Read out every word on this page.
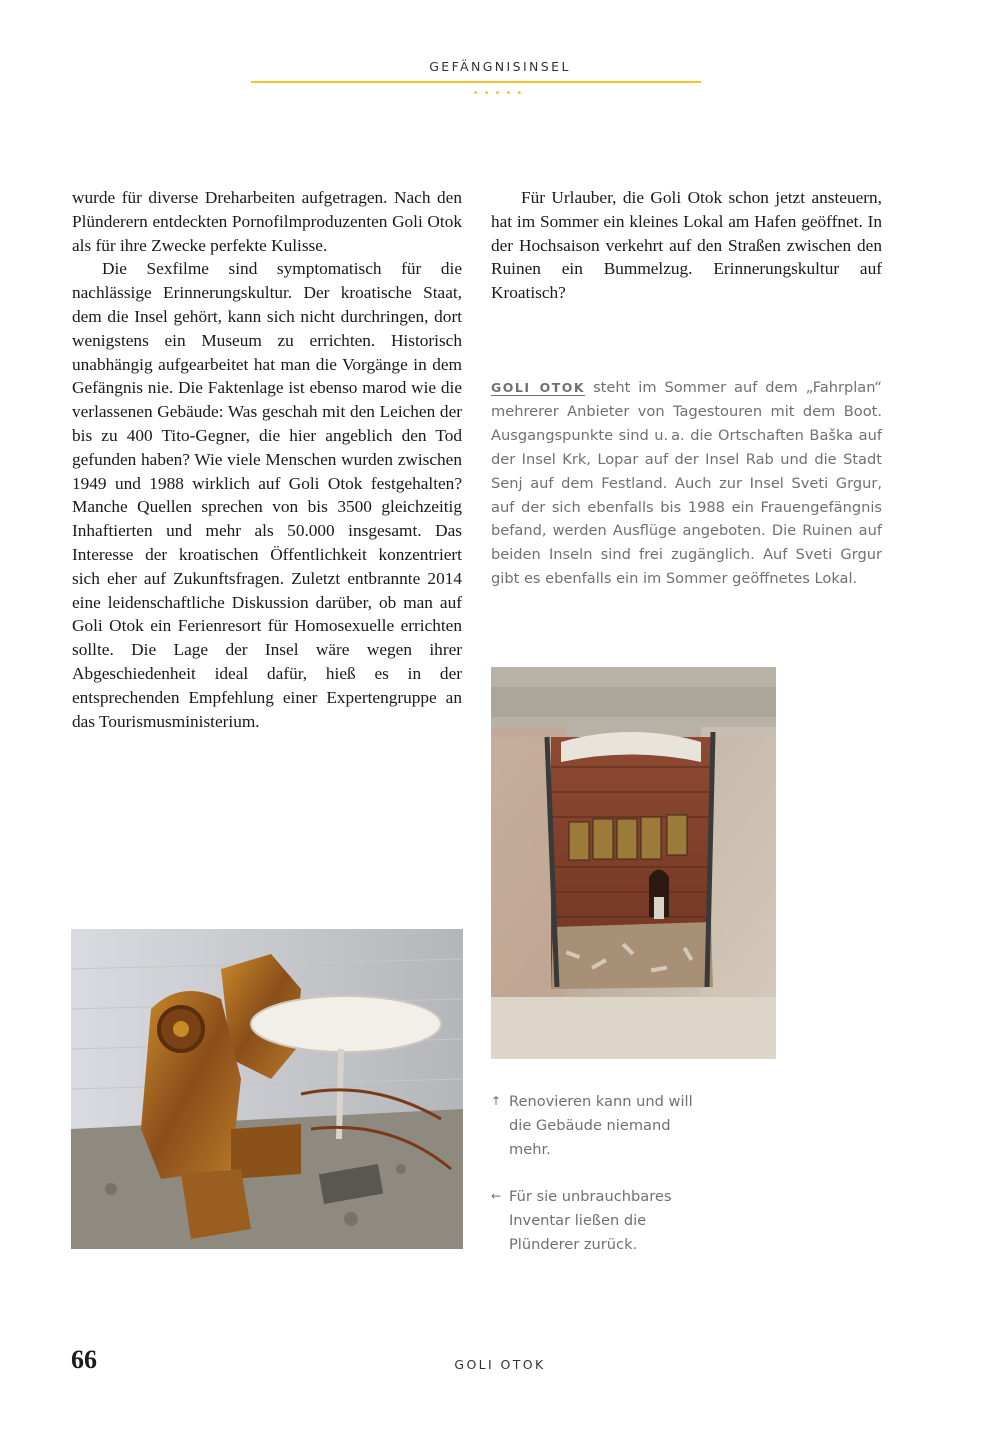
GEFÄNGNISINSEL
•••••

wurde für diverse Dreharbeiten aufgetragen. Nach den Plünderern entdeckten Pornofilmproduzenten Goli Otok als für ihre Zwecke perfekte Kulisse.

Die Sexfilme sind symptomatisch für die nachlässige Erinnerungskultur. Der kroatische Staat, dem die Insel gehört, kann sich nicht durchringen, dort wenigstens ein Museum zu errichten. Historisch unabhängig aufgearbeitet hat man die Vorgänge in dem Gefängnis nie. Die Faktenlage ist ebenso marod wie die verlassenen Gebäude: Was geschah mit den Leichen der bis zu 400 Tito-Gegner, die hier angeblich den Tod gefunden haben? Wie viele Menschen wurden zwischen 1949 und 1988 wirklich auf Goli Otok festgehalten? Manche Quellen sprechen von bis 3500 gleichzeitig Inhaftierten und mehr als 50.000 insgesamt. Das Interesse der kroatischen Öffentlichkeit konzentriert sich eher auf Zukunftsfragen. Zuletzt entbrannte 2014 eine leidenschaftliche Diskussion darüber, ob man auf Goli Otok ein Ferienresort für Homosexuelle errichten sollte. Die Lage der Insel wäre wegen ihrer Abgeschiedenheit ideal dafür, hieß es in der entsprechenden Empfehlung einer Expertengruppe an das Tourismusministerium.

Für Urlauber, die Goli Otok schon jetzt ansteuern, hat im Sommer ein kleines Lokal am Hafen geöffnet. In der Hochsaison verkehrt auf den Straßen zwischen den Ruinen ein Bummelzug. Erinnerungskultur auf Kroatisch?

GOLI OTOK steht im Sommer auf dem „Fahrplan“ mehrerer Anbieter von Tagestouren mit dem Boot. Ausgangspunkte sind u. a. die Ortschaften Baška auf der Insel Krk, Lopar auf der Insel Rab und die Stadt Senj auf dem Festland. Auch zur Insel Sveti Grgur, auf der sich ebenfalls bis 1988 ein Frauengefängnis befand, werden Ausflüge angeboten. Die Ruinen auf beiden Inseln sind frei zugänglich. Auf Sveti Grgur gibt es ebenfalls ein im Sommer geöffnetes Lokal.

↑ Renovieren kann und will die Gebäude niemand mehr.
← Für sie unbrauchbares Inventar ließen die Plünderer zurück.
66	GOLI OTOK
